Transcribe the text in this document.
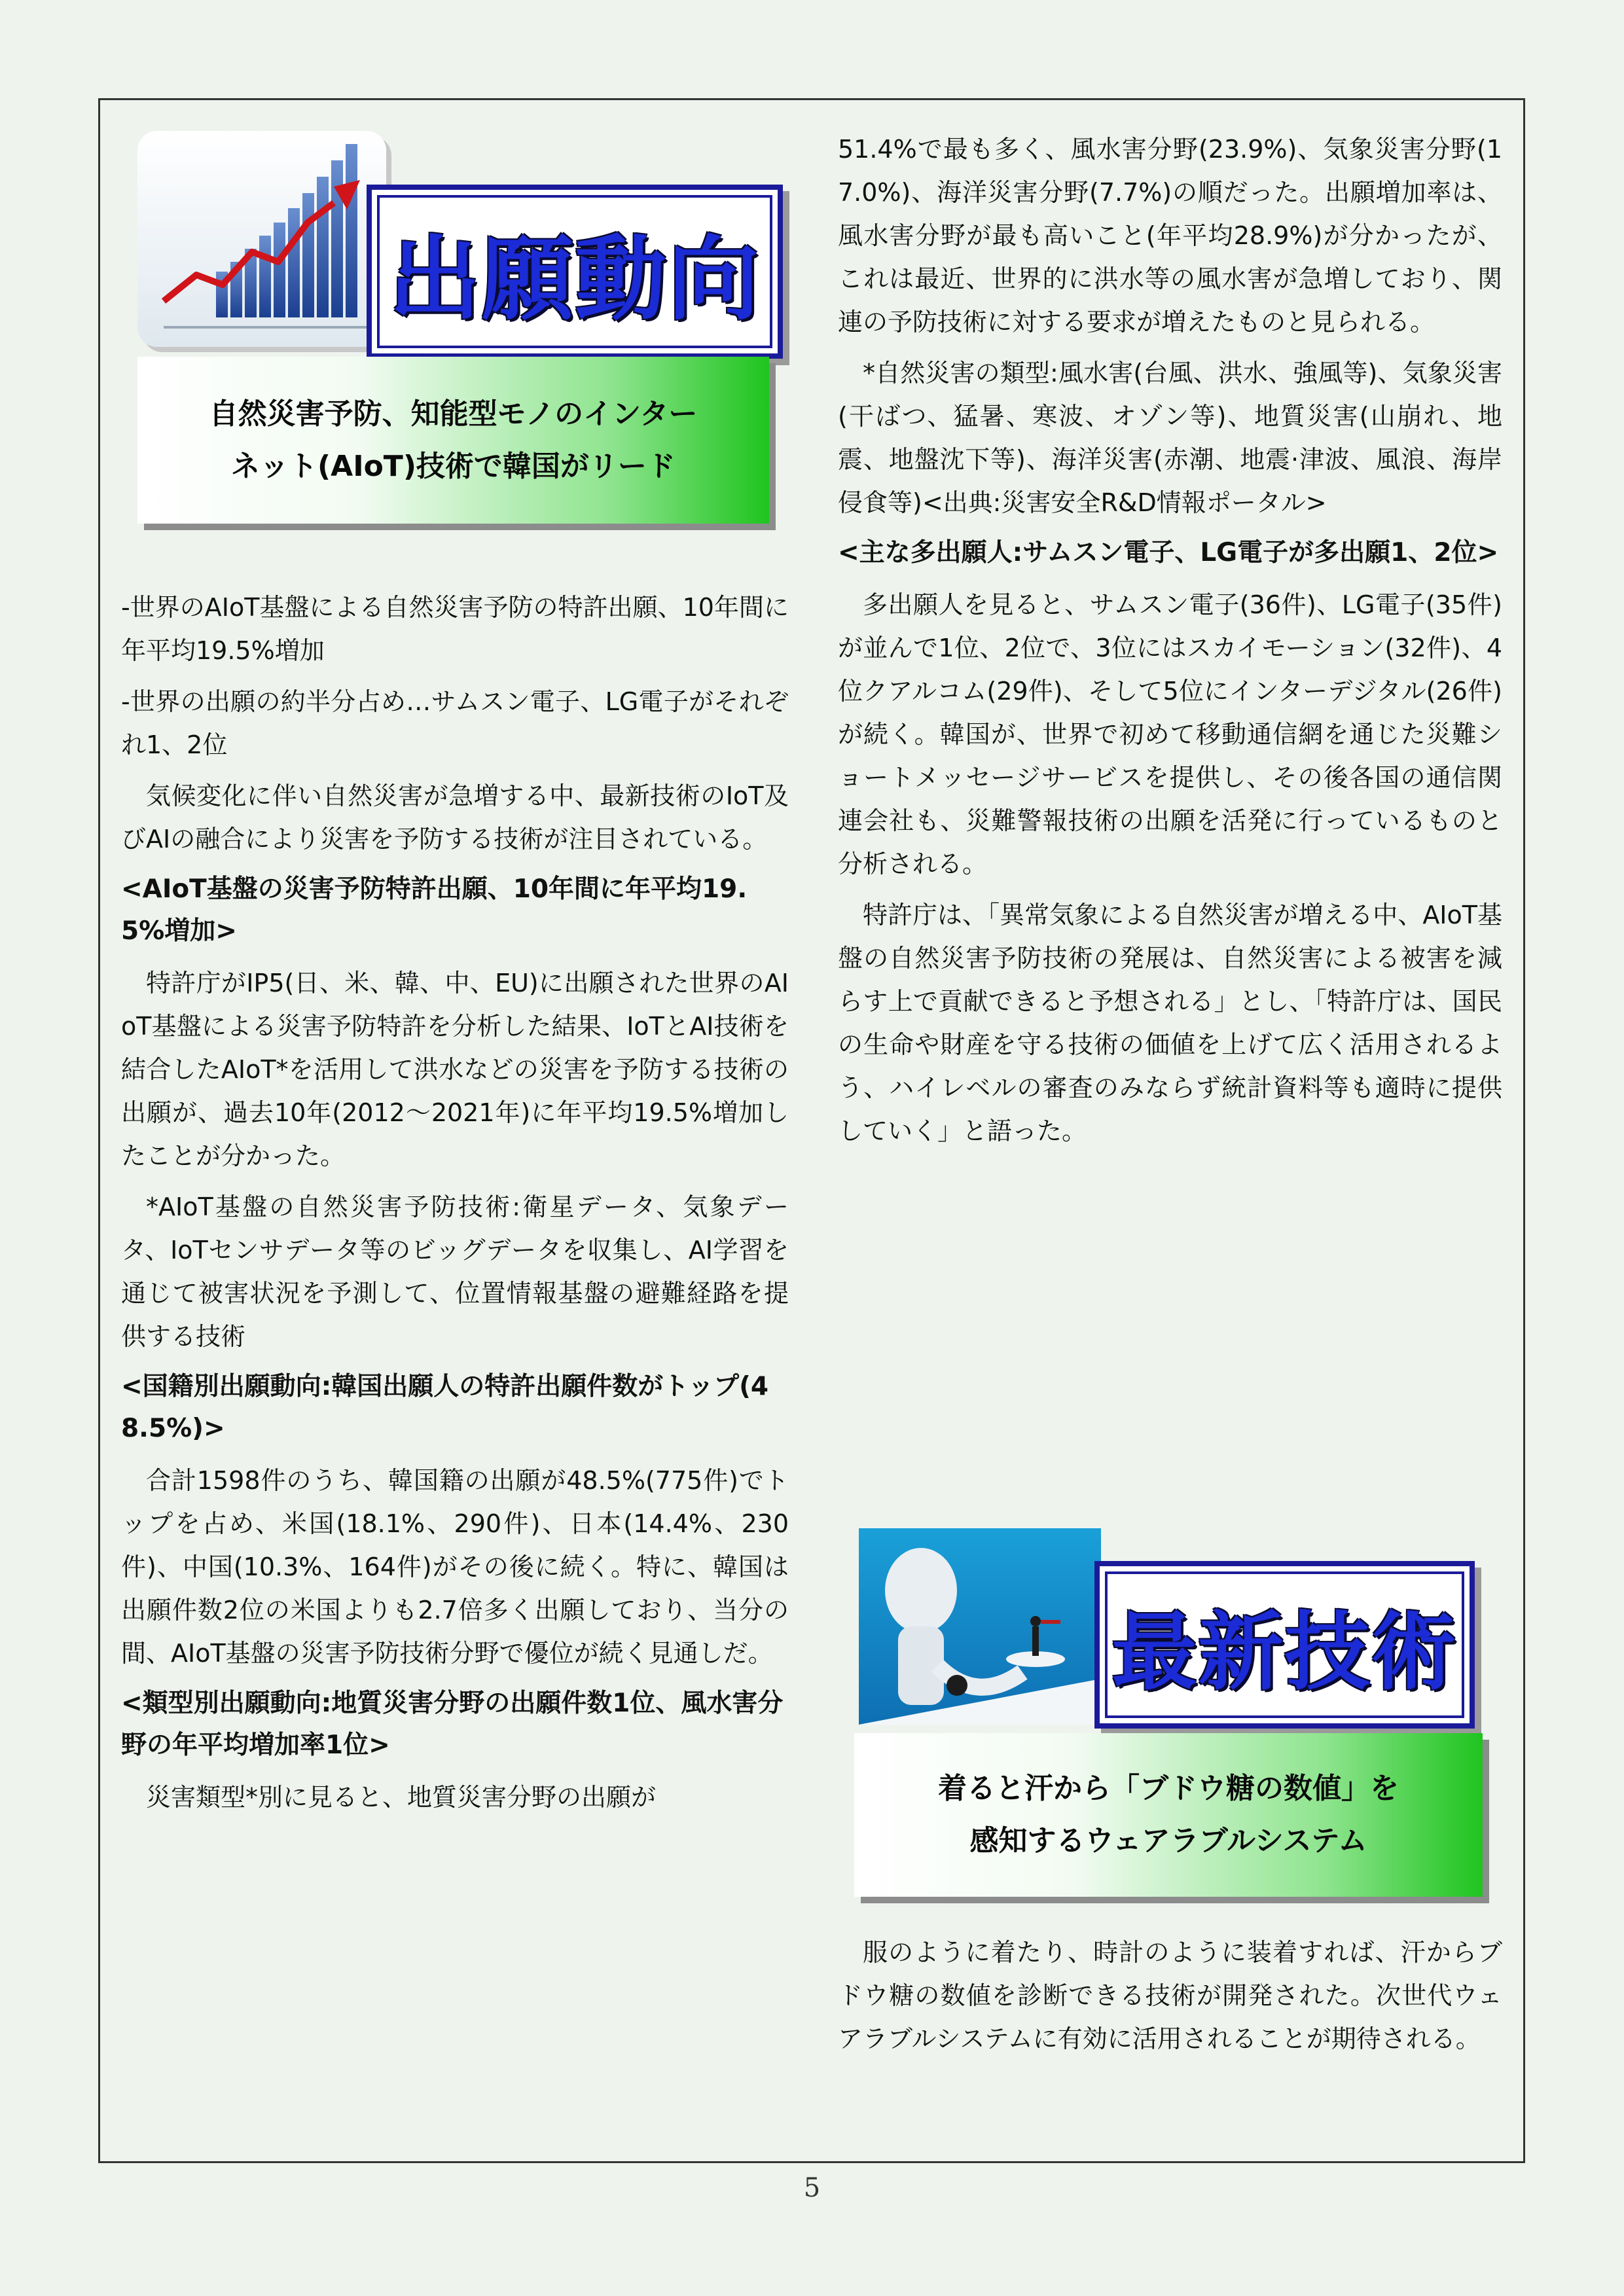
出願動向
自然災害予防、知能型モノのインター
ネット(AIoT)技術で韓国がリード

-世界のAIoT基盤による自然災害予防の特許出願、10年間に年平均19.5%増加

-世界の出願の約半分占め…サムスン電子、LG電子がそれぞれ1、2位

気候変化に伴い自然災害が急増する中、最新技術のIoT及びAIの融合により災害を予防する技術が注目されている。

<AIoT基盤の災害予防特許出願、10年間に年平均19.5%増加>

特許庁がIP5(日、米、韓、中、EU)に出願された世界のAIoT基盤による災害予防特許を分析した結果、IoTとAI技術を結合したAIoT*を活用して洪水などの災害を予防する技術の出願が、過去10年(2012～2021年)に年平均19.5%増加したことが分かった。

*AIoT基盤の自然災害予防技術:衛星データ、気象データ、IoTセンサデータ等のビッグデータを収集し、AI学習を通じて被害状況を予測して、位置情報基盤の避難経路を提供する技術

<国籍別出願動向:韓国出願人の特許出願件数がトップ(48.5%)>

合計1598件のうち、韓国籍の出願が48.5%(775件)でトップを占め、米国(18.1%、290件)、日本(14.4%、230件)、中国(10.3%、164件)がその後に続く。特に、韓国は出願件数2位の米国よりも2.7倍多く出願しており、当分の間、AIoT基盤の災害予防技術分野で優位が続く見通しだ。

<類型別出願動向:地質災害分野の出願件数1位、風水害分野の年平均増加率1位>

災害類型*別に見ると、地質災害分野の出願が

51.4%で最も多く、風水害分野(23.9%)、気象災害分野(17.0%)、海洋災害分野(7.7%)の順だった。出願増加率は、風水害分野が最も高いこと(年平均28.9%)が分かったが、これは最近、世界的に洪水等の風水害が急増しており、関連の予防技術に対する要求が増えたものと見られる。

*自然災害の類型:風水害(台風、洪水、強風等)、気象災害(干ばつ、猛暑、寒波、オゾン等)、地質災害(山崩れ、地震、地盤沈下等)、海洋災害(赤潮、地震·津波、風浪、海岸侵食等)<出典:災害安全R&D情報ポータル>

<主な多出願人:サムスン電子、LG電子が多出願1、2位>

多出願人を見ると、サムスン電子(36件)、LG電子(35件)が並んで1位、2位で、3位にはスカイモーション(32件)、4位クアルコム(29件)、そして5位にインターデジタル(26件)が続く。韓国が、世界で初めて移動通信網を通じた災難ショートメッセージサービスを提供し、その後各国の通信関連会社も、災難警報技術の出願を活発に行っているものと分析される。

特許庁は、「異常気象による自然災害が増える中、AIoT基盤の自然災害予防技術の発展は、自然災害による被害を減らす上で貢献できると予想される」とし、「特許庁は、国民の生命や財産を守る技術の価値を上げて広く活用されるよう、ハイレベルの審査のみならず統計資料等も適時に提供していく」と語った。

最新技術
着ると汗から「ブドウ糖の数値」を
感知するウェアラブルシステム

服のように着たり、時計のように装着すれば、汗からブドウ糖の数値を診断できる技術が開発された。次世代ウェアラブルシステムに有効に活用されることが期待される。

5
